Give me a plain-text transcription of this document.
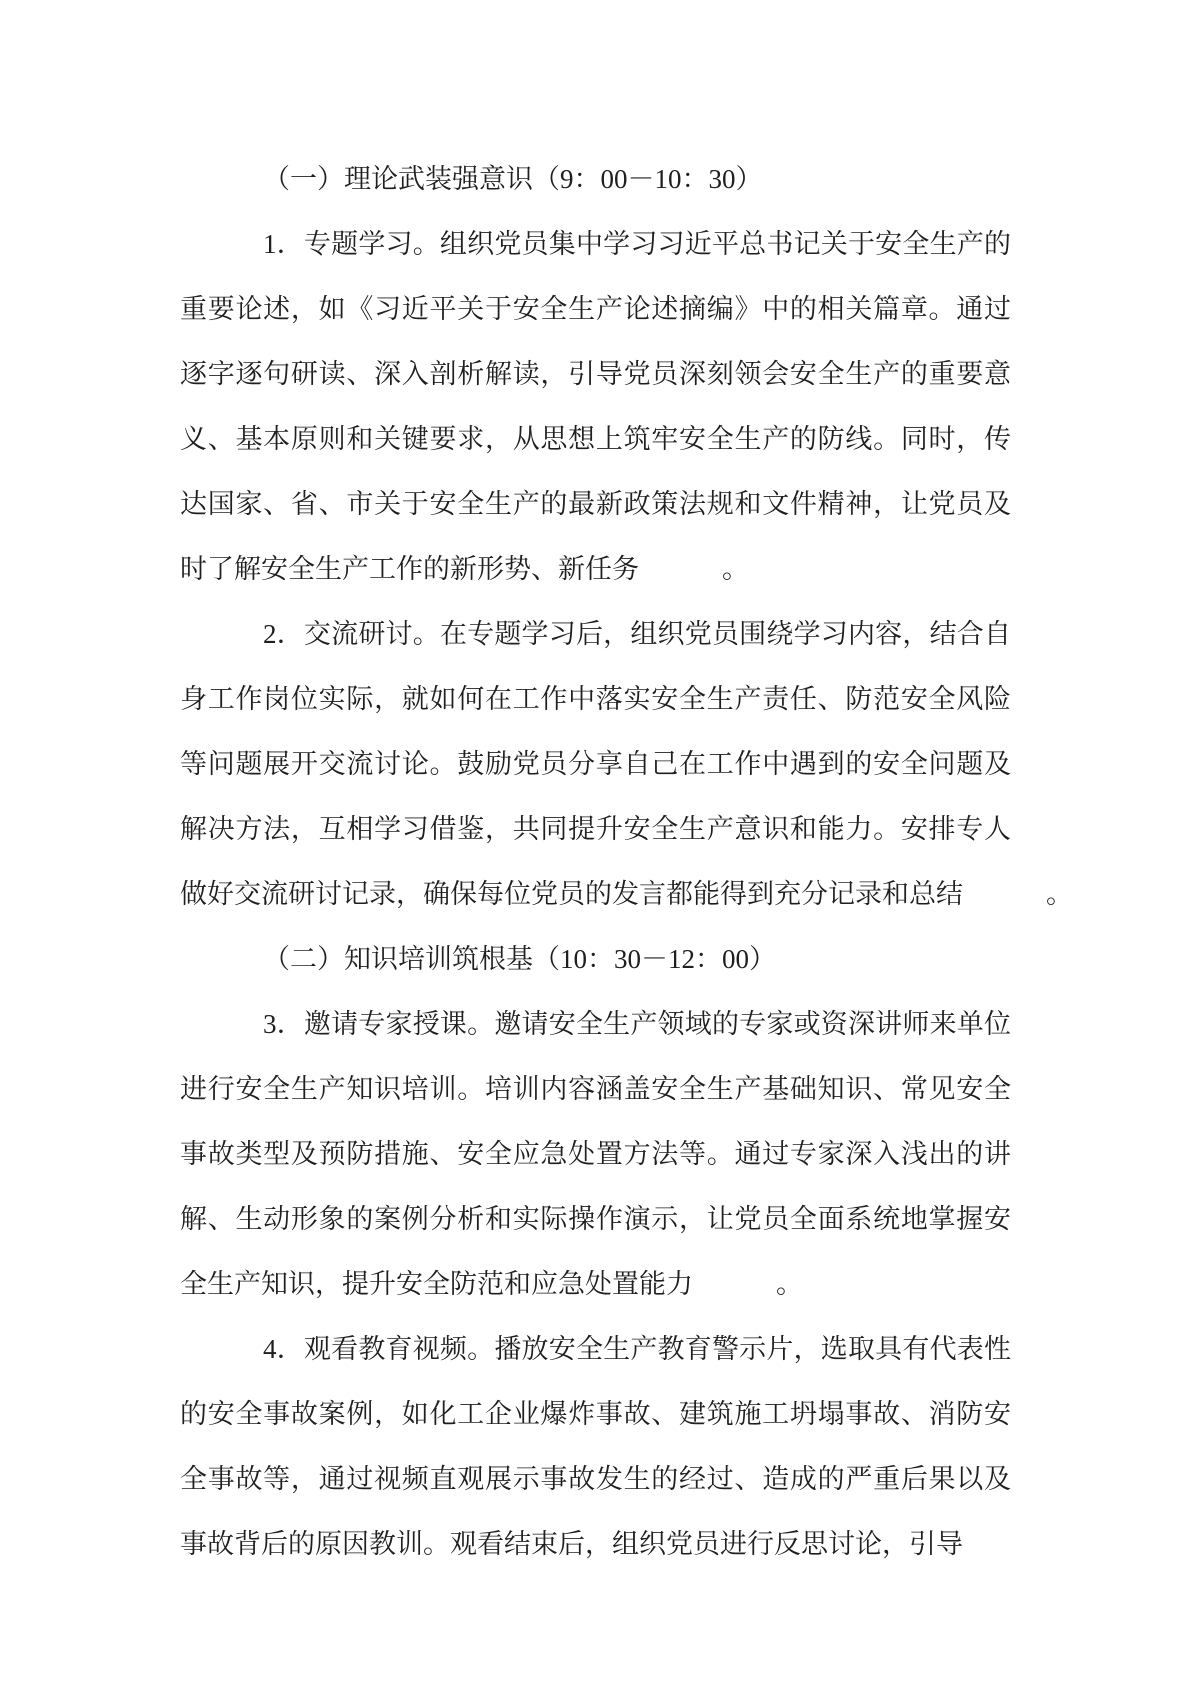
（一）理论武装强意识（9：00－10：30）

1．专题学习。组织党员集中学习习近平总书记关于安全生产的重要论述，如《习近平关于安全生产论述摘编》中的相关篇章。通过逐字逐句研读、深入剖析解读，引导党员深刻领会安全生产的重要意义、基本原则和关键要求，从思想上筑牢安全生产的防线。同时，传达国家、省、市关于安全生产的最新政策法规和文件精神，让党员及时了解安全生产工作的新形势、新任务	。

2．交流研讨。在专题学习后，组织党员围绕学习内容，结合自身工作岗位实际，就如何在工作中落实安全生产责任、防范安全风险等问题展开交流讨论。鼓励党员分享自己在工作中遇到的安全问题及解决方法，互相学习借鉴，共同提升安全生产意识和能力。安排专人做好交流研讨记录，确保每位党员的发言都能得到充分记录和总结	。

（二）知识培训筑根基（10：30－12：00）

3．邀请专家授课。邀请安全生产领域的专家或资深讲师来单位进行安全生产知识培训。培训内容涵盖安全生产基础知识、常见安全事故类型及预防措施、安全应急处置方法等。通过专家深入浅出的讲解、生动形象的案例分析和实际操作演示，让党员全面系统地掌握安全生产知识，提升安全防范和应急处置能力	。

4．观看教育视频。播放安全生产教育警示片，选取具有代表性的安全事故案例，如化工企业爆炸事故、建筑施工坍塌事故、消防安全事故等，通过视频直观展示事故发生的经过、造成的严重后果以及事故背后的原因教训。观看结束后，组织党员进行反思讨论，引导
